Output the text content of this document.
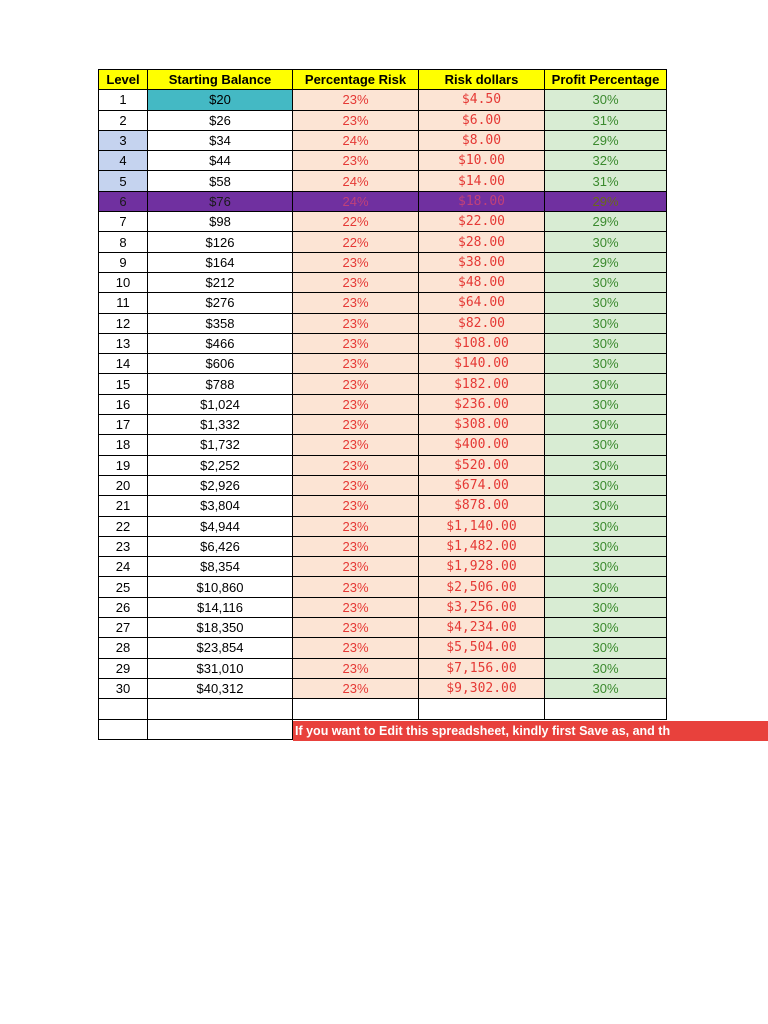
Level	Starting Balance	Percentage Risk	Risk dollars	Profit Percentage
1	$20	23%	$4.50	30%
2	$26	23%	$6.00	31%
3	$34	24%	$8.00	29%
4	$44	23%	$10.00	32%
5	$58	24%	$14.00	31%
6	$76	24%	$18.00	29%
7	$98	22%	$22.00	29%
8	$126	22%	$28.00	30%
9	$164	23%	$38.00	29%
10	$212	23%	$48.00	30%
11	$276	23%	$64.00	30%
12	$358	23%	$82.00	30%
13	$466	23%	$108.00	30%
14	$606	23%	$140.00	30%
15	$788	23%	$182.00	30%
16	$1,024	23%	$236.00	30%
17	$1,332	23%	$308.00	30%
18	$1,732	23%	$400.00	30%
19	$2,252	23%	$520.00	30%
20	$2,926	23%	$674.00	30%
21	$3,804	23%	$878.00	30%
22	$4,944	23%	$1,140.00	30%
23	$6,426	23%	$1,482.00	30%
24	$8,354	23%	$1,928.00	30%
25	$10,860	23%	$2,506.00	30%
26	$14,116	23%	$3,256.00	30%
27	$18,350	23%	$4,234.00	30%
28	$23,854	23%	$5,504.00	30%
29	$31,010	23%	$7,156.00	30%
30	$40,312	23%	$9,302.00	30%

If you want to Edit this spreadsheet, kindly first Save as, and th
